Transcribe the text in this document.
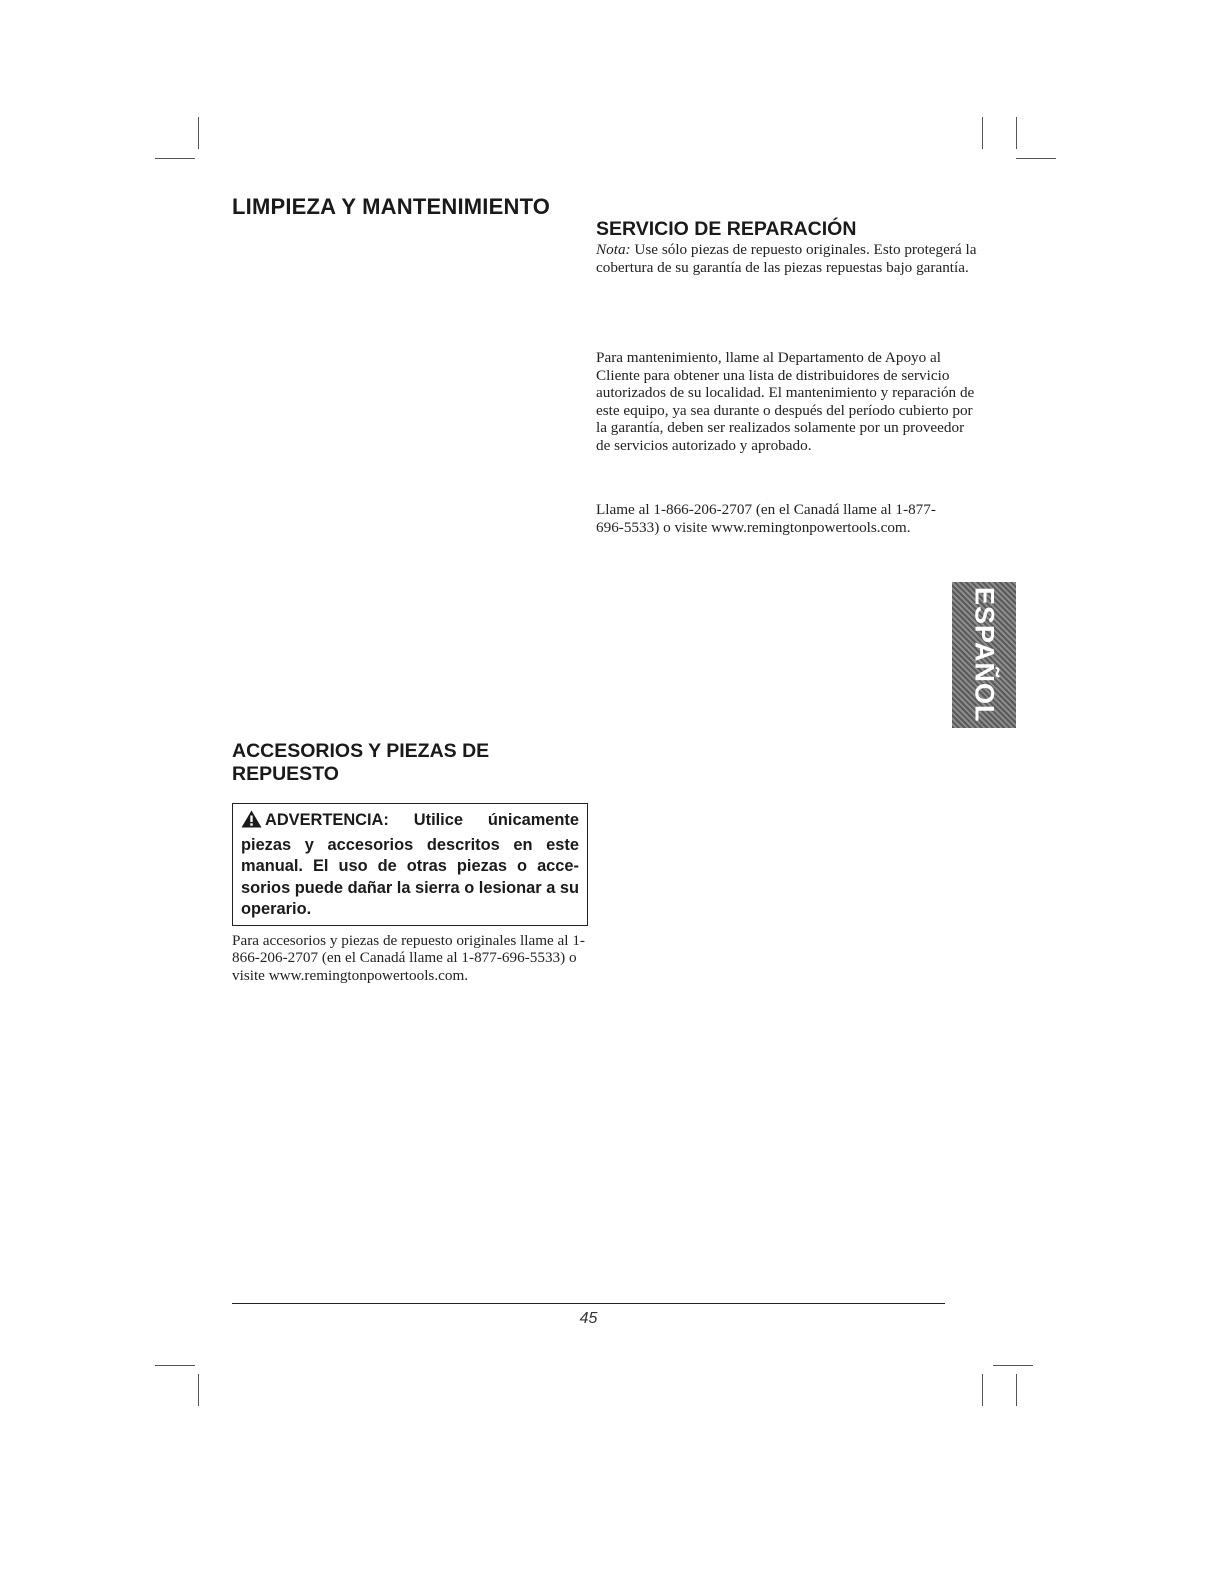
LIMPIEZA Y MANTENIMIENTO
ACCESORIOS Y PIEZAS DE
REPUESTO
ADVERTENCIA: Utilice únicamente piezas y accesorios descritos en este manual. El uso de otras piezas o acce-sorios puede dañar la sierra o lesionar a su operario.

Para accesorios y piezas de repuesto originales llame al 1-866-206-2707 (en el Canadá llame al 1-877-696-5533) o visite www.remingtonpowertools.com.

SERVICIO DE REPARACIÓN

Nota: Use sólo piezas de repuesto originales. Esto protegerá la cobertura de su garantía de las piezas repuestas bajo garantía.

Para mantenimiento, llame al Departamento de Apoyo al Cliente para obtener una lista de distribuidores de servicio autorizados de su localidad. El mantenimiento y reparación de este equipo, ya sea durante o después del período cubierto por la garantía, deben ser realizados solamente por un proveedor de servicios autorizado y aprobado.

Llame al 1-866-206-2707 (en el Canadá llame al 1-877-696-5533) o visite www.remingtonpowertools.com.

ESPAÑOL
45
